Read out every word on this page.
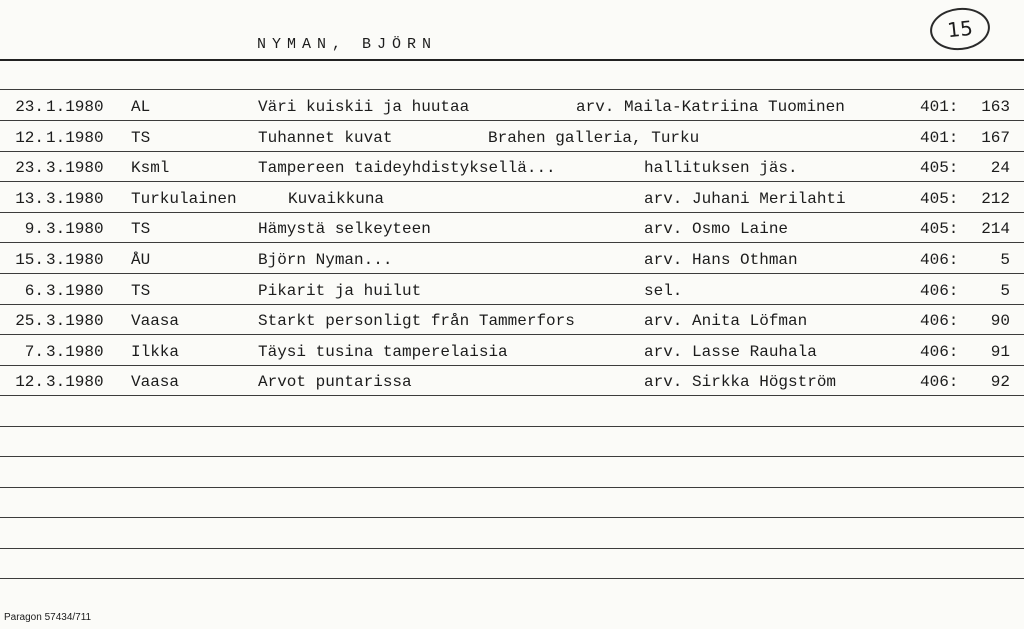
NYMAN, BJÖRN
15
23. 1.1980 AL	Väri kuiskii ja huutaa	arv. Maila-Katriina Tuominen	401:	163
12. 1.1980 TS	Tuhannet kuvat	Brahen galleria, Turku	401:	167
23. 3.1980 Ksml	Tampereen taideyhdistyksellä...	hallituksen jäs.	405:	24
13. 3.1980 Turkulainen	Kuvaikkuna	arv. Juhani Merilahti	405:	212
9. 3.1980 TS	Hämystä selkeyteen	arv. Osmo Laine	405:	214
15. 3.1980 ÅU	Björn Nyman...	arv. Hans Othman	406:	5
6. 3.1980 TS	Pikarit ja huilut	sel.	406:	5
25. 3.1980 Vaasa	Starkt personligt från Tammerfors	arv. Anita Löfman	406:	90
7. 3.1980 Ilkka	Täysi tusina tamperelaisia	arv. Lasse Rauhala	406:	91
12. 3.1980 Vaasa	Arvot puntarissa	arv. Sirkka Högström	406:	92
Paragon 57434/711
